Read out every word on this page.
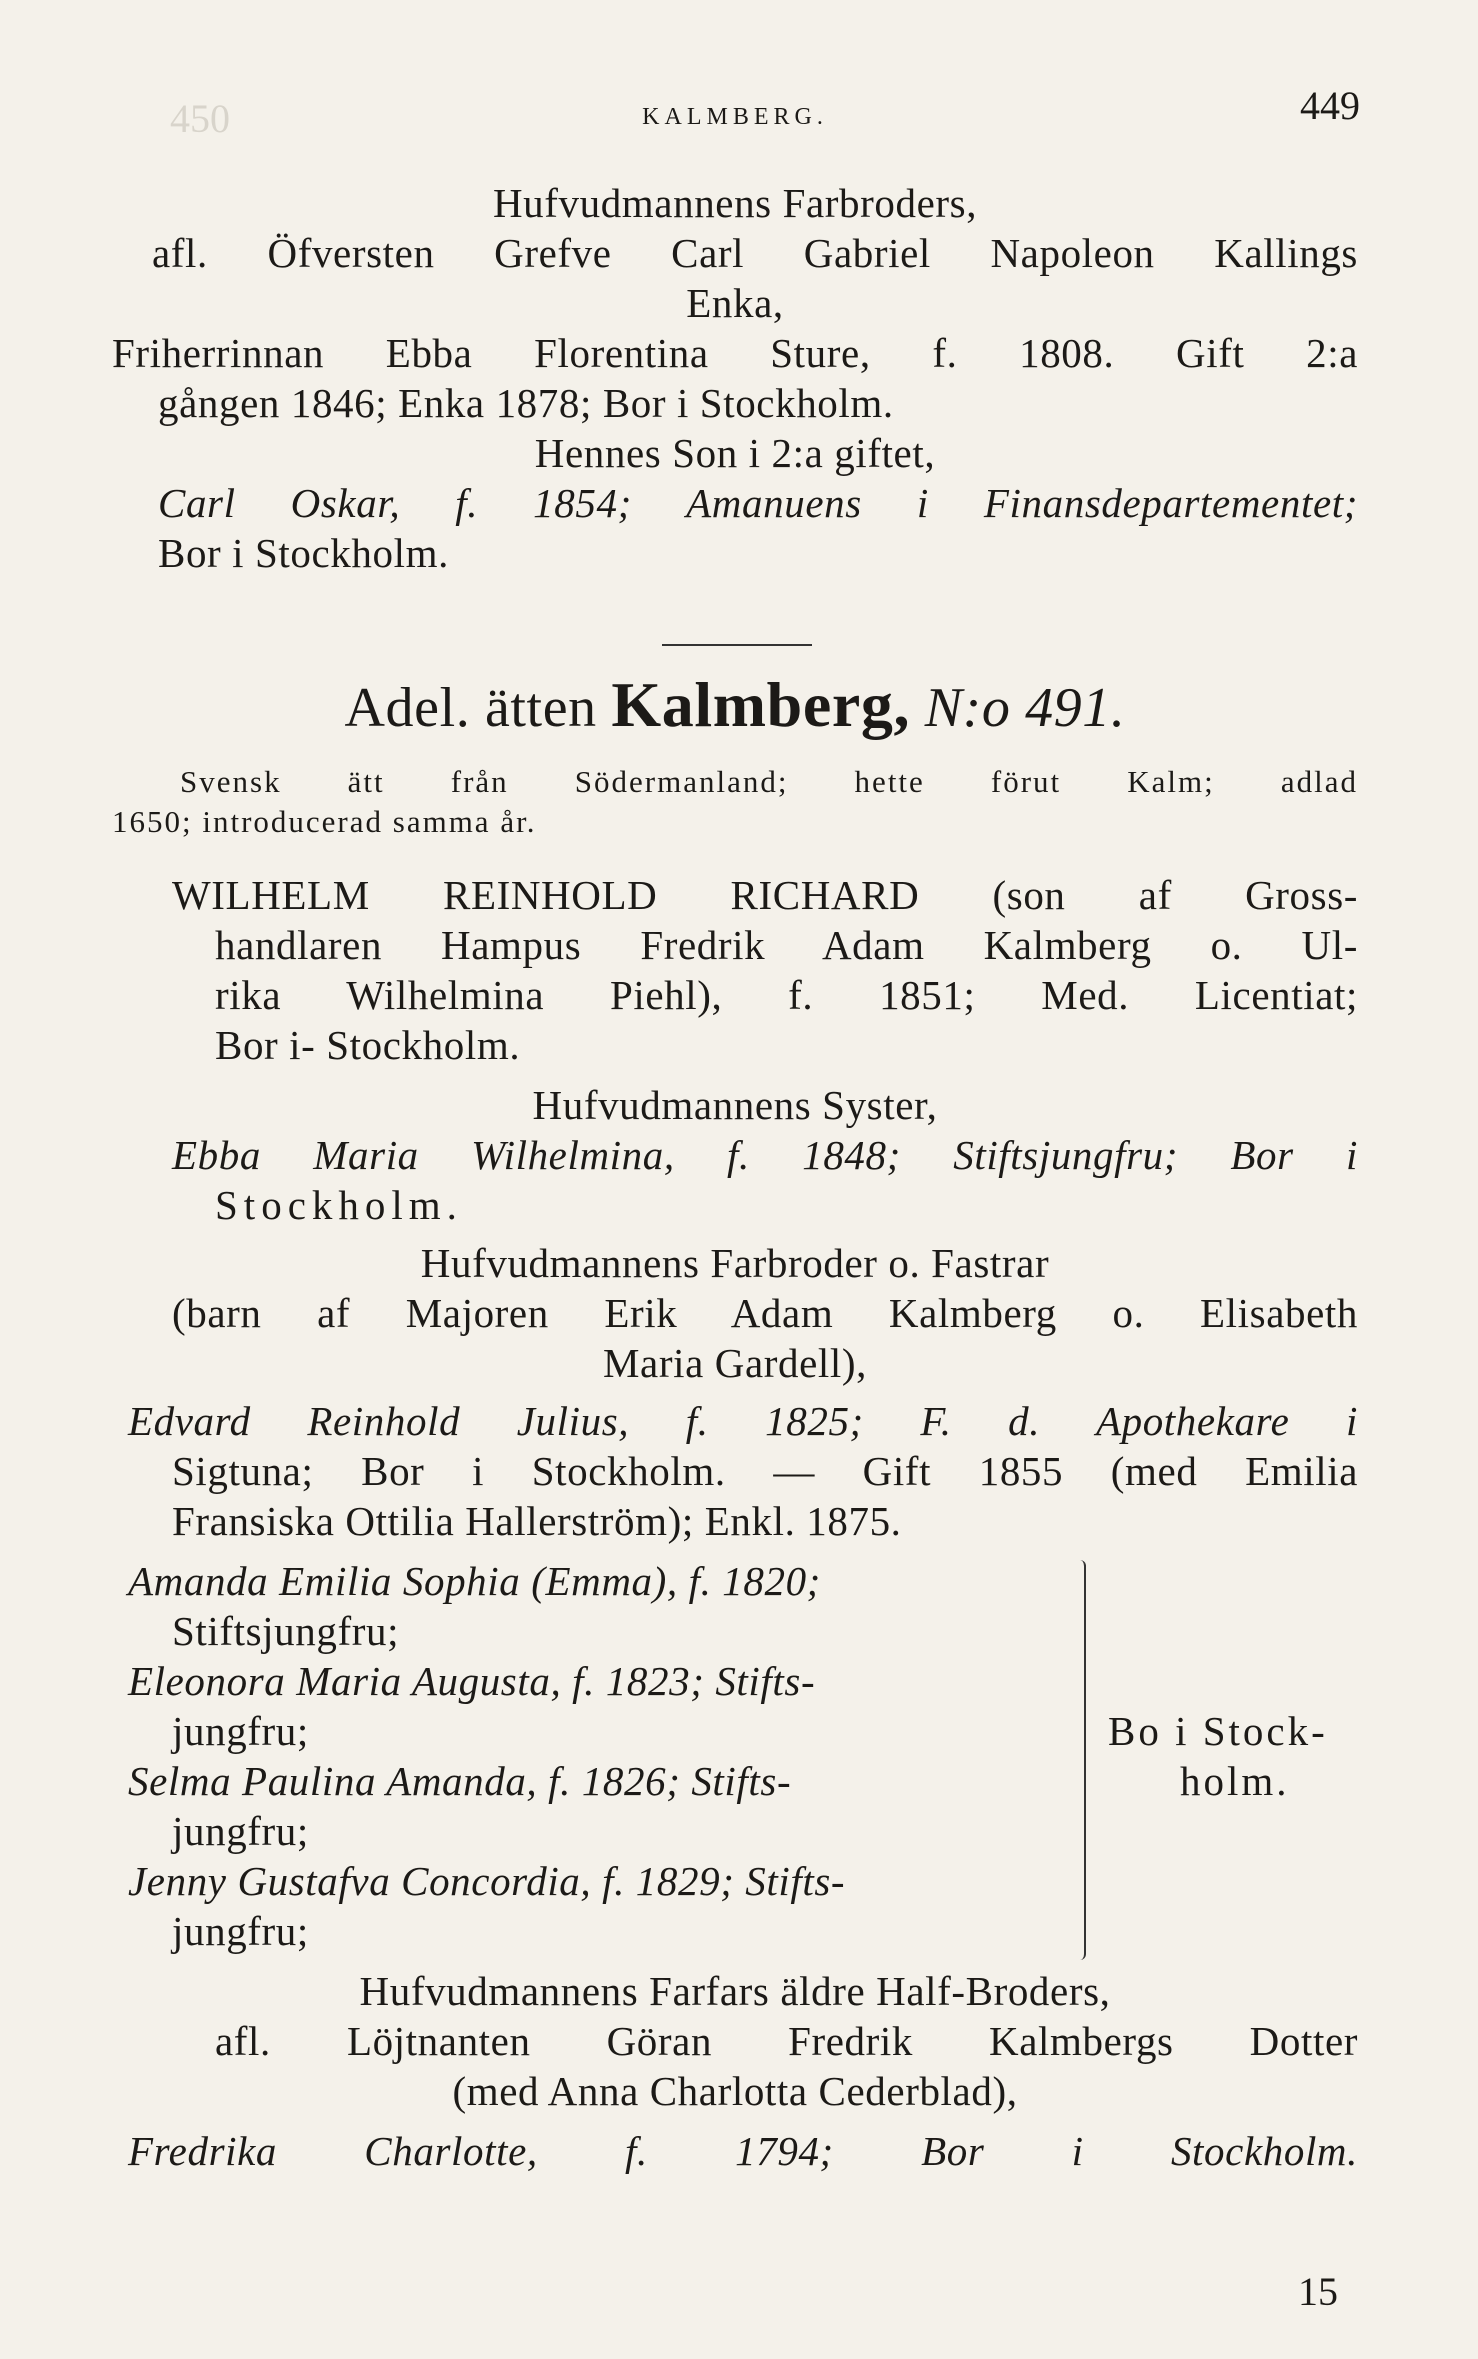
450	KALMBERG.	449
Hufvudmannens Farbroders,
afl. Öfversten Grefve Carl Gabriel Napoleon Kallings
Enka,
Friherrinnan Ebba Florentina Sture, f. 1808. Gift 2:a
gången 1846; Enka 1878; Bor i Stockholm.
Hennes Son i 2:a giftet,
Carl Oskar, f. 1854; Amanuens i Finansdepartementet;
Bor i Stockholm.
Adel. ätten Kalmberg, N:o 491.
Svensk ätt från Södermanland; hette förut Kalm; adlad
1650; introducerad samma år.
WILHELM REINHOLD RICHARD (son af Gross-
handlaren Hampus Fredrik Adam Kalmberg o. Ul-
rika Wilhelmina Piehl), f. 1851; Med. Licentiat;
Bor i- Stockholm.
Hufvudmannens Syster,
Ebba Maria Wilhelmina, f. 1848; Stiftsjungfru; Bor i
Stockholm.
Hufvudmannens Farbroder o. Fastrar
(barn af Majoren Erik Adam Kalmberg o. Elisabeth
Maria Gardell),
Edvard Reinhold Julius, f. 1825; F. d. Apothekare i
Sigtuna; Bor i Stockholm. — Gift 1855 (med Emilia
Fransiska Ottilia Hallerström); Enkl. 1875.
Amanda Emilia Sophia (Emma), f. 1820;
Stiftsjungfru;
Eleonora Maria Augusta, f. 1823; Stifts-
jungfru;
Selma Paulina Amanda, f. 1826; Stifts-
jungfru;
Jenny Gustafva Concordia, f. 1829; Stifts-
jungfru;
Bo i Stock-
holm.
Hufvudmannens Farfars äldre Half-Broders,
afl. Löjtnanten Göran Fredrik Kalmbergs Dotter
(med Anna Charlotta Cederblad),
Fredrika Charlotte, f. 1794; Bor i Stockholm.
15
